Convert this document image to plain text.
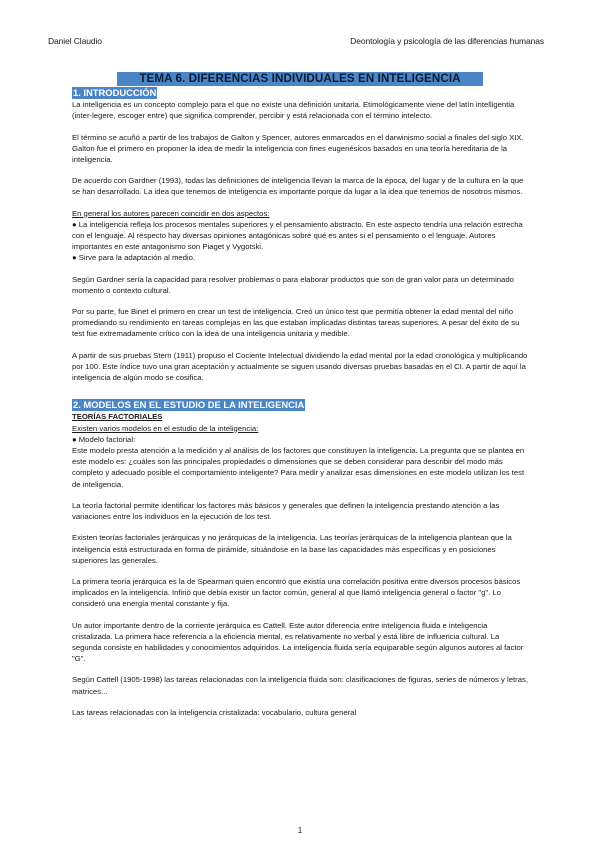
Daniel Claudio	Deontología y psicología de las diferencias humanas
TEMA 6. DIFERENCIAS INDIVIDUALES EN INTELIGENCIA
1. INTRODUCCIÓN

La inteligencia es un concepto complejo para el que no existe una definición unitaria. Etimológicamente viene del latín intelligentia (inter-legere, escoger entre) que significa comprender, percibir y está relacionada con el término intelecto.

El término se acuñó a partir de los trabajos de Galton y Spencer, autores enmarcados en el darwinismo social a finales del siglo XIX. Galton fue el primero en proponer la idea de medir la inteligencia con fines eugenésicos basados en una teoría hereditaria de la inteligencia.

De acuerdo con Gardner (1993), todas las definiciones de inteligencia llevan la marca de la época, del lugar y de la cultura en la que se han desarrollado. La idea que tenemos de inteligencia es importante porque da lugar a la idea que tenemos de nosotros mismos.

En general los autores parecen coincidir en dos aspectos:

● La inteligencia refleja los procesos mentales superiores y el pensamiento abstracto. En este aspecto tendría una relación estrecha con el lenguaje. Al respecto hay diversas opiniones antagónicas sobre qué es antes si el pensamiento o el lenguaje. Autores importantes en este antagonismo son Piaget y Vygotski.

● Sirve para la adaptación al medio.

Según Gardner sería la capacidad para resolver problemas o para elaborar productos que son de gran valor para un determinado momento o contexto cultural.

Por su parte, fue Binet el primero en crear un test de inteligencia. Creó un único test que permitía obtener la edad mental del niño promediando su rendimiento en tareas complejas en las que estaban implicadas distintas tareas superiores. A pesar del éxito de su test fue extremadamente crítico con la idea de una inteligencia unitaria y medible.

A partir de sus pruebas Stern (1911) propuso el Cociente Intelectual dividiendo la edad mental por la edad cronológica y multiplicando por 100. Este índice tuvo una gran aceptación y actualmente se siguen usando diversas pruebas basadas en el CI. A partir de aquí la inteligencia de algún modo se cosifica.

2. MODELOS EN EL ESTUDIO DE LA INTELIGENCIA

TEORÍAS FACTORIALES

Existen varios modelos en el estudio de la inteligencia:

● Modelo factorial:

Este modelo presta atención a la medición y al análisis de los factores que constituyen la inteligencia. La pregunta que se plantea en este modelo es: ¿cuáles son las principales propiedades o dimensiones que se deben considerar para describir del modo más completo y adecuado posible el comportamiento inteligente? Para medir y analizar esas dimensiones en este modelo utilizan los test de inteligencia.

La teoría factorial permite identificar los factores más básicos y generales que definen la inteligencia prestando atención a las variaciones entre los individuos en la ejecución de los test.

Existen teorías factoriales jerárquicas y no jerárquicas de la inteligencia. Las teorías jerárquicas de la inteligencia plantean que la inteligencia está estructurada en forma de pirámide, situándose en la base las capacidades más específicas y en posiciones superiores las generales.

La primera teoría jerárquica es la de Spearman quien encontró que existía una correlación positiva entre diversos procesos básicos implicados en la inteligencia. Infirió que debía existir un factor común, general al que llamó inteligencia general o factor "g". Lo consideró una energía mental constante y fija.

Un autor importante dentro de la corriente jerárquica es Cattell. Este autor diferencia entre inteligencia fluida e inteligencia cristalizada. La primera hace referencia a la eficiencia mental, es relativamente no verbal y está libre de influencia cultural. La segunda consiste en habilidades y conocimientos adquiridos. La inteligencia fluida sería equiparable según algunos autores al factor "G".

Según Cattell (1905-1998) las tareas relacionadas con la inteligencia fluida son: clasificaciones de figuras, series de números y letras, matrices...

Las tareas relacionadas con la inteligencia cristalizada: vocabulario, cultura general

1
